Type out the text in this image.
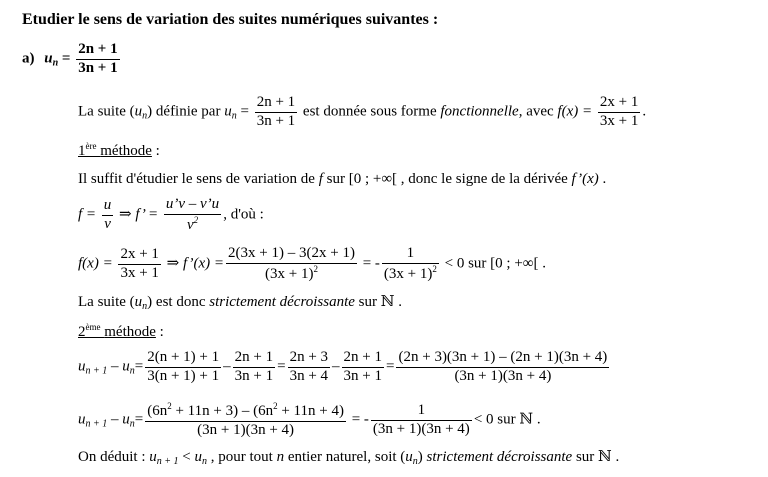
Etudier le sens de variation des suites numériques suivantes :
a) $u_n = \frac{2n + 1}{3n + 1}$
La suite $(u_n)$ définie par $u_n = \frac{2n + 1}{3n + 1}$ est donnée sous forme fonctionnelle, avec $f(x) = \frac{2x + 1}{3x + 1}$ .
1ère méthode :
Il suffit d'étudier le sens de variation de f sur [0 ; +∞[ , donc le signe de la dérivée f’(x) .
$f = \frac{u}{v}$ ⇒ f’ = $\frac{u’v - v’u}{v^2}$ , d'où :
$f(x) = \frac{2x + 1}{3x + 1}$ ⇒ f’(x) = $\frac{2(3x + 1) - 3(2x + 1)}{(3x + 1)^2}$ = - $\frac{1}{(3x + 1)^2} < 0$ sur [0 ; +∞[ .
La suite $(u_n)$ est donc strictement décroissante sur ℕ .
2ème méthode :
$u_{n + 1} - u_n= \frac{2(n + 1) + 1}{3(n + 1) + 1} - \frac{2n + 1}{3n + 1} = \frac{2n + 3}{3n + 4} - \frac{2n + 1}{3n + 1} = \frac{(2n + 3)(3n + 1) - (2n + 1)(3n + 4)}{(3n + 1)(3n + 4)}$
$u_{n + 1} - u_n= \frac{(6n^2 + 11n + 3) - (6n^2 + 11n + 4)}{(3n + 1)(3n + 4)}$ = - $\frac{1}{(3n + 1)(3n + 4)} < 0$ sur ℕ .
On déduit : $u_{n + 1} < u_n$ , pour tout n entier naturel, soit $(u_n)$ strictement décroissante sur ℕ .
